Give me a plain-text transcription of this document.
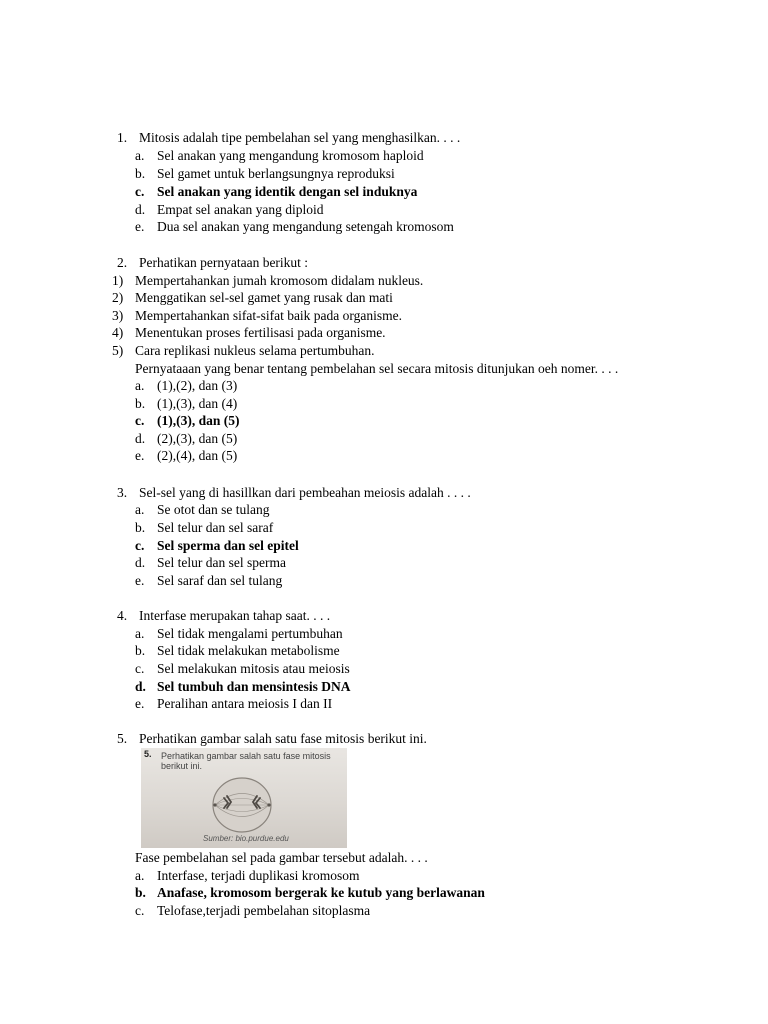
1. Mitosis adalah tipe pembelahan sel yang menghasilkan. . . .
a. Sel anakan yang mengandung kromosom haploid
b. Sel gamet untuk berlangsungnya reproduksi
c. Sel anakan yang identik dengan sel induknya
d. Empat sel anakan yang diploid
e. Dua sel anakan yang mengandung setengah kromosom
2. Perhatikan pernyataan berikut :
1) Mempertahankan jumah kromosom didalam nukleus.
2) Menggatikan sel-sel gamet yang rusak dan mati
3) Mempertahankan sifat-sifat baik pada organisme.
4) Menentukan proses fertilisasi pada organisme.
5) Cara replikasi nukleus selama pertumbuhan.
Pernyataaan yang benar tentang pembelahan sel secara mitosis ditunjukan oeh nomer. . . .
a. (1),(2), dan (3)
b. (1),(3), dan (4)
c. (1),(3), dan (5)
d. (2),(3), dan (5)
e. (2),(4), dan (5)
3. Sel-sel yang di hasillkan dari pembeahan meiosis adalah . . . .
a. Se otot dan se tulang
b. Sel telur dan sel saraf
c. Sel sperma dan sel epitel
d. Sel telur dan sel sperma
e. Sel saraf dan sel tulang
4. Interfase merupakan tahap saat. . . .
a. Sel tidak mengalami pertumbuhan
b. Sel tidak melakukan metabolisme
c. Sel melakukan mitosis atau meiosis
d. Sel tumbuh dan mensintesis DNA
e. Peralihan antara meiosis I dan II
5. Perhatikan gambar salah satu fase mitosis berikut ini.
5. Perhatikan gambar salah satu fase mitosis
berikut ini.
Sumber: bio.purdue.edu
Fase pembelahan sel pada gambar tersebut adalah. . . .
a. Interfase, terjadi duplikasi kromosom
b. Anafase, kromosom bergerak ke kutub yang berlawanan
c. Telofase,terjadi pembelahan sitoplasma
